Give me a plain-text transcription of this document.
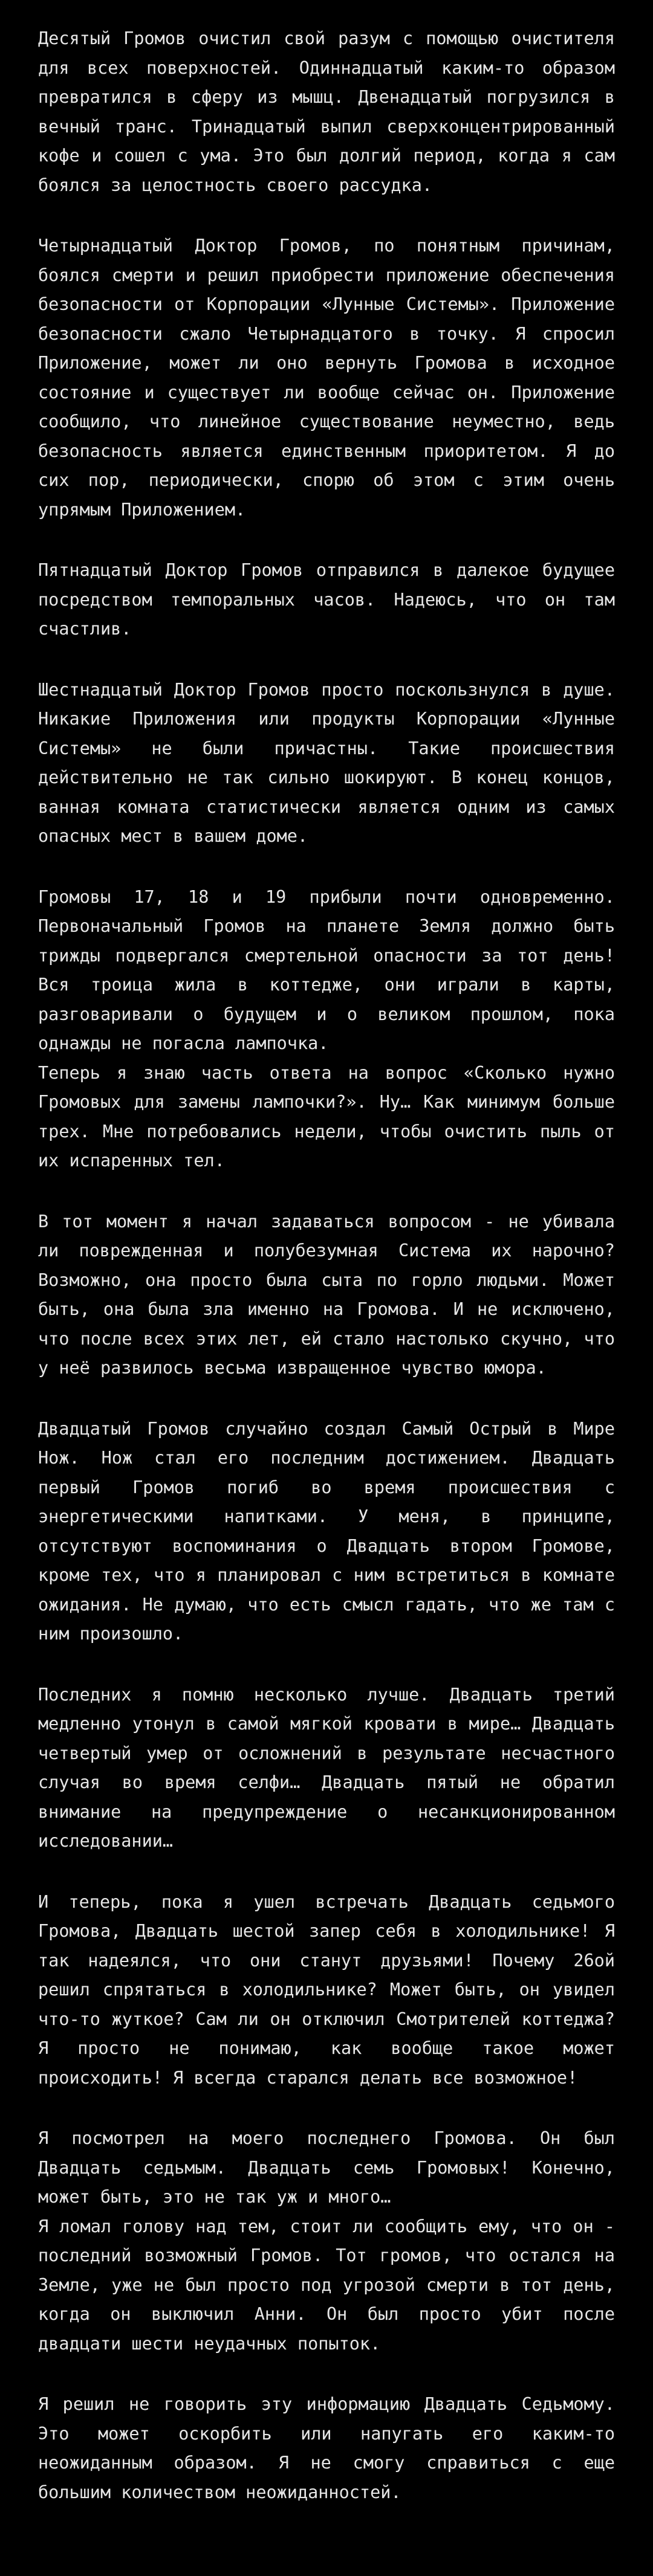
Десятый Громов очистил свой разум с помощью очистителя для всех поверхностей. Одиннадцатый каким-то образом превратился в сферу из мышц. Двенадцатый погрузился в вечный транс. Тринадцатый выпил сверхконцентрированный кофе и сошел с ума. Это был долгий период, когда я сам боялся за целостность своего рассудка.

Четырнадцатый Доктор Громов, по понятным причинам, боялся смерти и решил приобрести приложение обеспечения безопасности от Корпорации «Лунные Системы». Приложение безопасности сжало Четырнадцатого в точку. Я спросил Приложение, может ли оно вернуть Громова в исходное состояние и существует ли вообще сейчас он. Приложение сообщило, что линейное существование неуместно, ведь безопасность является единственным приоритетом. Я до сих пор, периодически, спорю об этом с этим очень упрямым Приложением.

Пятнадцатый Доктор Громов отправился в далекое будущее посредством темпоральных часов. Надеюсь, что он там счастлив.

Шестнадцатый Доктор Громов просто поскользнулся в душе. Никакие Приложения или продукты Корпорации «Лунные Системы» не были причастны. Такие происшествия действительно не так сильно шокируют. В конец концов, ванная комната статистически является одним из самых опасных мест в вашем доме.

Громовы 17, 18 и 19 прибыли почти одновременно. Первоначальный Громов на планете Земля должно быть трижды подвергался смертельной опасности за тот день! Вся троица жила в коттедже, они играли в карты, разговаривали о будущем и о великом прошлом, пока однажды не погасла лампочка.
Теперь я знаю часть ответа на вопрос «Сколько нужно Громовых для замены лампочки?». Ну… Как минимум больше трех. Мне потребовались недели, чтобы очистить пыль от их испаренных тел.

В тот момент я начал задаваться вопросом - не убивала ли поврежденная и полубезумная Система их нарочно? Возможно, она просто была сыта по горло людьми. Может быть, она была зла именно на Громова. И не исключено, что после всех этих лет, ей стало настолько скучно, что у неё развилось весьма извращенное чувство юмора.

Двадцатый Громов случайно создал Самый Острый в Мире Нож. Нож стал его последним достижением. Двадцать первый Громов погиб во время происшествия с энергетическими напитками. У меня, в принципе, отсутствуют воспоминания о Двадцать втором Громове, кроме тех, что я планировал с ним встретиться в комнате ожидания. Не думаю, что есть смысл гадать, что же там с ним произошло.

Последних я помню несколько лучше. Двадцать третий медленно утонул в самой мягкой кровати в мире… Двадцать четвертый умер от осложнений в результате несчастного случая во время селфи… Двадцать пятый не обратил внимание на предупреждение о несанкционированном исследовании…

И теперь, пока я ушел встречать Двадцать седьмого Громова, Двадцать шестой запер себя в холодильнике! Я так надеялся, что они станут друзьями! Почему 26ой решил спрятаться в холодильнике? Может быть, он увидел что-то жуткое? Сам ли он отключил Смотрителей коттеджа? Я просто не понимаю, как вообще такое может происходить! Я всегда старался делать все возможное!

Я посмотрел на моего последнего Громова. Он был Двадцать седьмым. Двадцать семь Громовых! Конечно, может быть, это не так уж и много…
Я ломал голову над тем, стоит ли сообщить ему, что он - последний возможный Громов. Тот громов, что остался на Земле, уже не был просто под угрозой смерти в тот день, когда он выключил Анни. Он был просто убит после двадцати шести неудачных попыток.

Я решил не говорить эту информацию Двадцать Седьмому. Это может оскорбить или напугать его каким-то неожиданным образом. Я не смогу справиться с еще большим количеством неожиданностей.
